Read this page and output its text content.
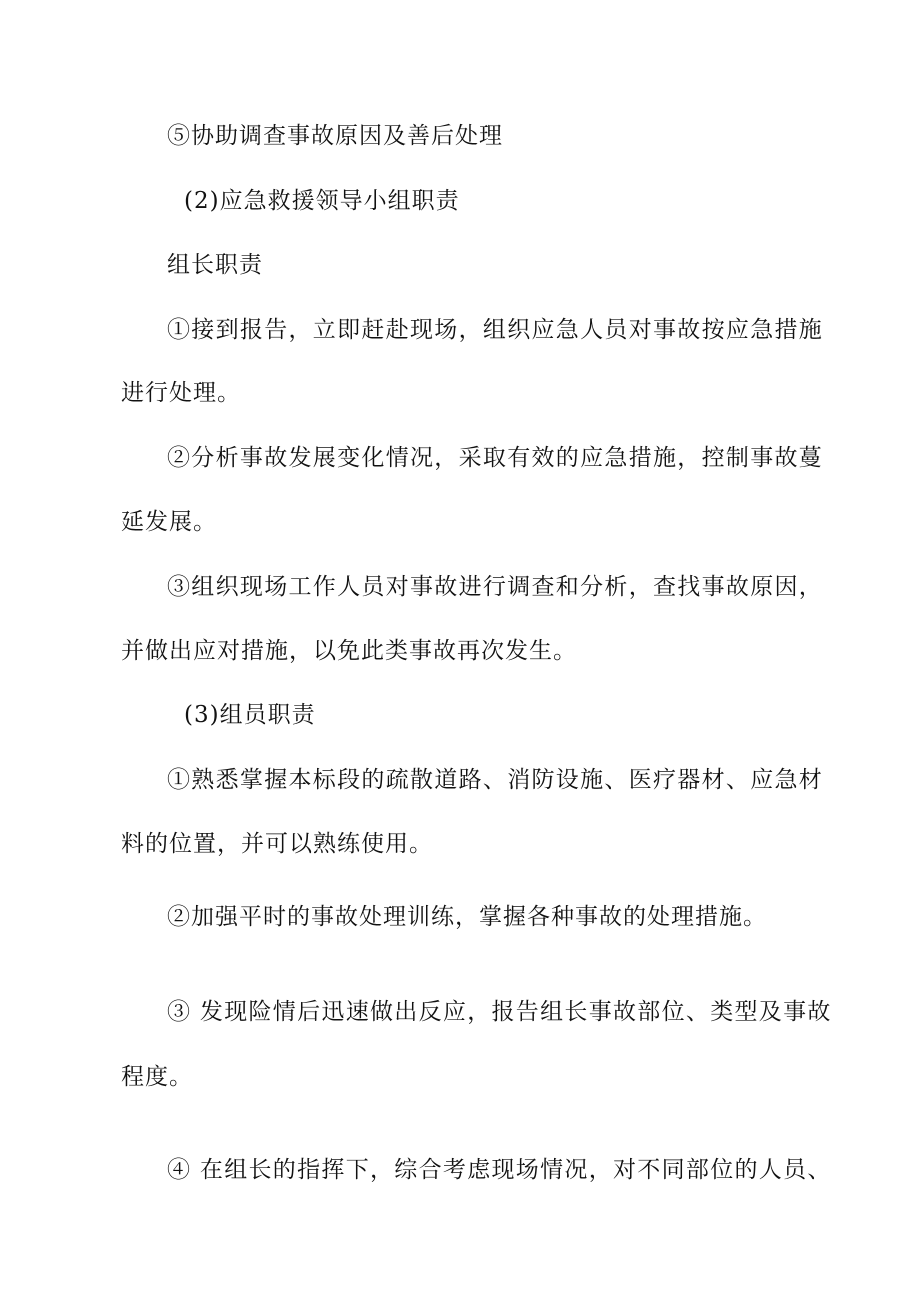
⑤协助调查事故原因及善后处理
(2)应急救援领导小组职责
组长职责
①接到报告，立即赶赴现场，组织应急人员对事故按应急措施
进行处理。
②分析事故发展变化情况，采取有效的应急措施，控制事故蔓
延发展。
③组织现场工作人员对事故进行调查和分析，查找事故原因，
并做出应对措施，以免此类事故再次发生。
(3)组员职责
①熟悉掌握本标段的疏散道路、消防设施、医疗器材、应急材
料的位置，并可以熟练使用。
②加强平时的事故处理训练，掌握各种事故的处理措施。
③ 发现险情后迅速做出反应，报告组长事故部位、类型及事故
程度。
④ 在组长的指挥下，综合考虑现场情况，对不同部位的人员、
